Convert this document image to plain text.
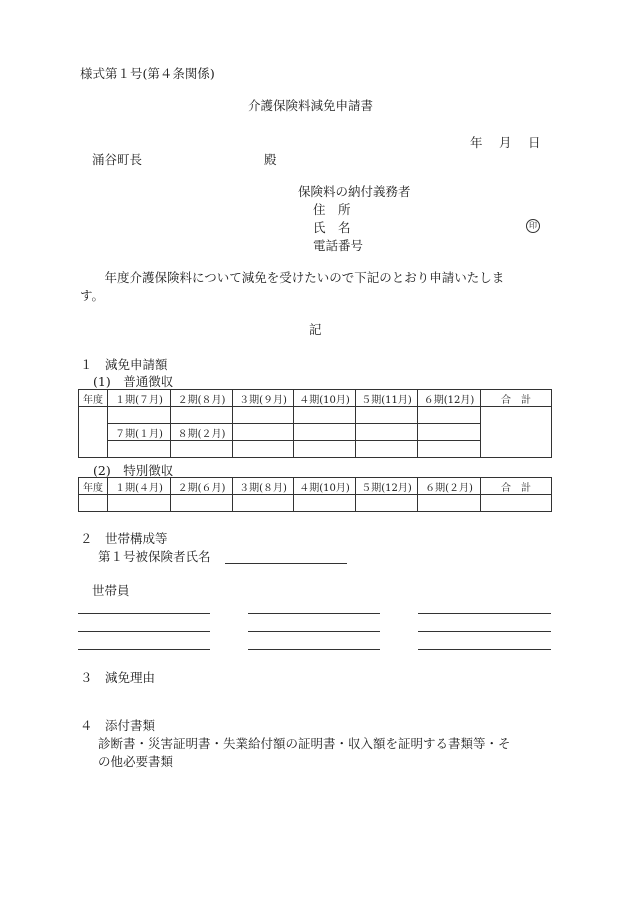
様式第１号(第４条関係)
介護保険料減免申請書
年 月 日
涌谷町長	殿
保険料の納付義務者
住　所
氏　名	印
電話番号
　年度介護保険料について減免を受けたいので下記のとおり申請いたしま
す。
記
１　減免申請額
(1)　普通徴収
年度	１期(７月)	２期(８月)	３期(９月)	４期(10月)	５期(11月)	６期(12月)	合　計

	７期(１月)	８期(２月)					

(2)　特別徴収
年度	１期(４月)	２期(６月)	３期(８月)	４期(10月)	５期(12月)	６期(２月)	合　計

２　世帯構成等
第１号被保険者氏名
世帯員
３　減免理由
４　添付書類
診断書・災害証明書・失業給付額の証明書・収入額を証明する書類等・そ
の他必要書類
